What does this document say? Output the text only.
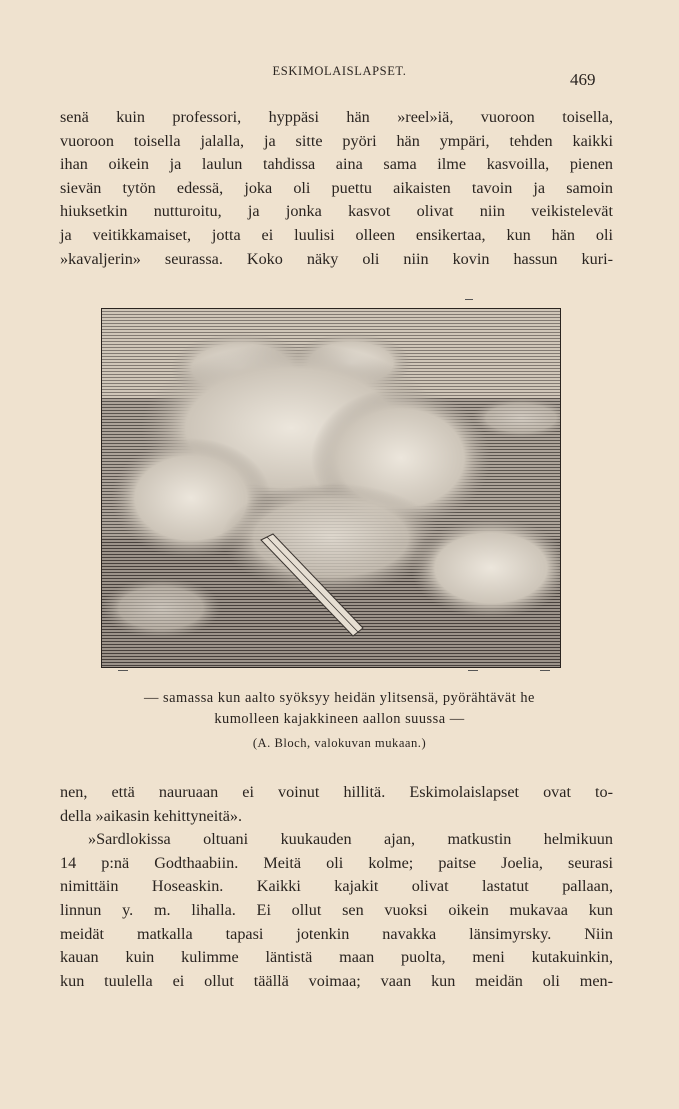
ESKIMOLAISLAPSET.	469
senä kuin professori, hyppäsi hän »reel»iä, vuoroon toisella,
vuoroon toisella jalalla, ja sitte pyöri hän ympäri, tehden kaikki
ihan oikein ja laulun tahdissa aina sama ilme kasvoilla, pienen
sievän tytön edessä, joka oli puettu aikaisten tavoin ja samoin
hiuksetkin nutturoitu, ja jonka kasvot olivat niin veikistelevät
ja veitikkamaiset, jotta ei luulisi olleen ensikertaa, kun hän oli
»kavaljerin» seurassa. Koko näky oli niin kovin hassun kuri-
— samassa kun aalto syöksyy heidän ylitsensä, pyörähtävät he
kumolleen kajakkineen aallon suussa —
(A. Bloch, valokuvan mukaan.)
nen, että nauruaan ei voinut hillitä. Eskimolaislapset ovat to-
della »aikasin kehittyneitä».
»Sardlokissa oltuani kuukauden ajan, matkustin helmikuun
14 p:nä Godthaabiin. Meitä oli kolme; paitse Joelia, seurasi
nimittäin Hoseaskin. Kaikki kajakit olivat lastatut pallaan,
linnun y. m. lihalla. Ei ollut sen vuoksi oikein mukavaa kun
meidät matkalla tapasi jotenkin navakka länsimyrsky. Niin
kauan kuin kulimme läntistä maan puolta, meni kutakuinkin,
kun tuulella ei ollut täällä voimaa; vaan kun meidän oli men-
